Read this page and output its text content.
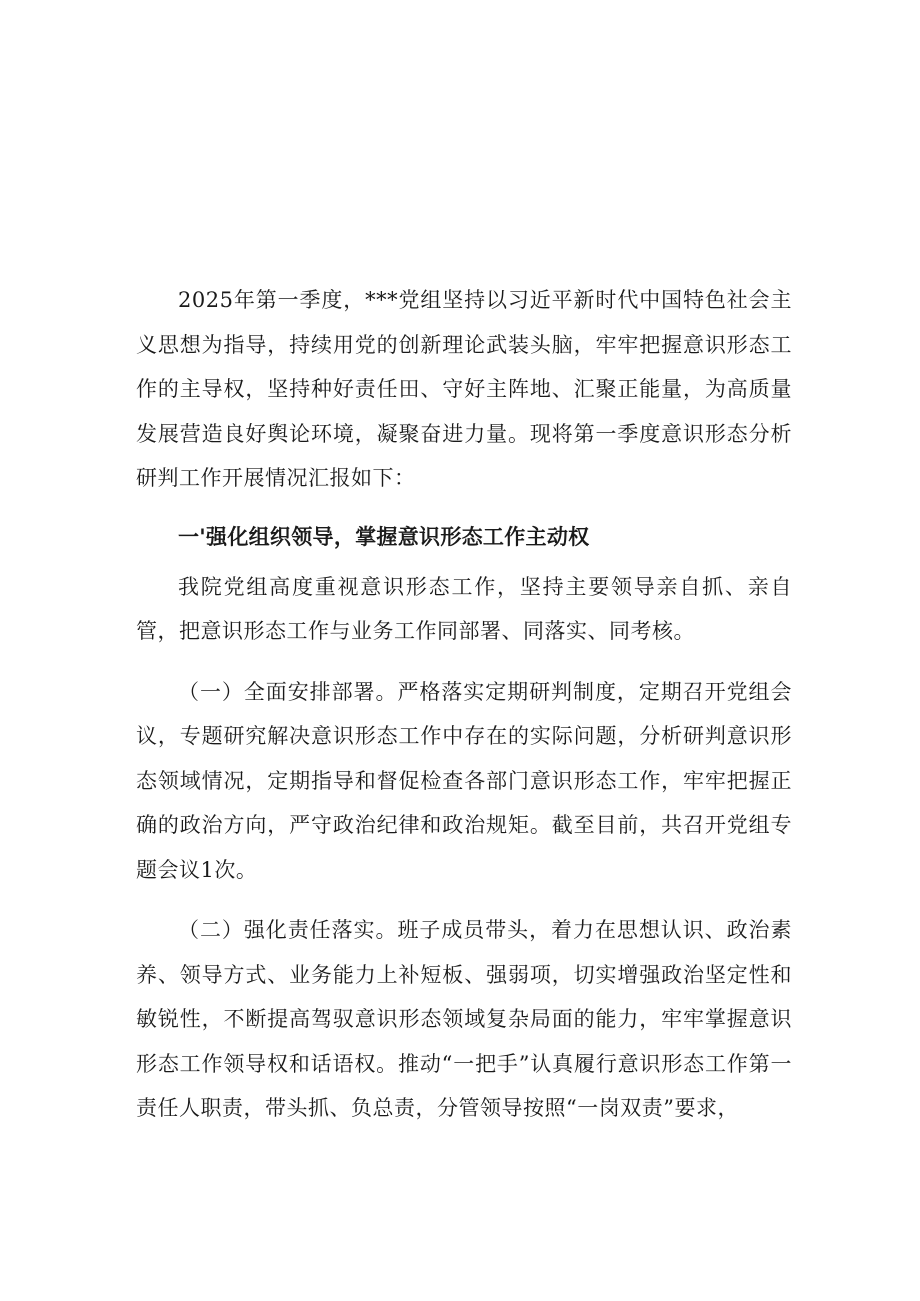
2025年第一季度，***党组坚持以习近平新时代中国特色社会主义思想为指导，持续用党的创新理论武装头脑，牢牢把握意识形态工作的主导权，坚持种好责任田、守好主阵地、汇聚正能量，为高质量发展营造良好舆论环境，凝聚奋进力量。现将第一季度意识形态分析研判工作开展情况汇报如下：

一'强化组织领导，掌握意识形态工作主动权

我院党组高度重视意识形态工作，坚持主要领导亲自抓、亲自管，把意识形态工作与业务工作同部署、同落实、同考核。

（一）全面安排部署。严格落实定期研判制度，定期召开党组会议，专题研究解决意识形态工作中存在的实际问题，分析研判意识形态领域情况，定期指导和督促检查各部门意识形态工作，牢牢把握正确的政治方向，严守政治纪律和政治规矩。截至目前，共召开党组专题会议1次。

（二）强化责任落实。班子成员带头，着力在思想认识、政治素养、领导方式、业务能力上补短板、强弱项，切实增强政治坚定性和敏锐性，不断提高驾驭意识形态领域复杂局面的能力，牢牢掌握意识形态工作领导权和话语权。推动“一把手”认真履行意识形态工作第一责任人职责，带头抓、负总责，分管领导按照“一岗双责”要求，
